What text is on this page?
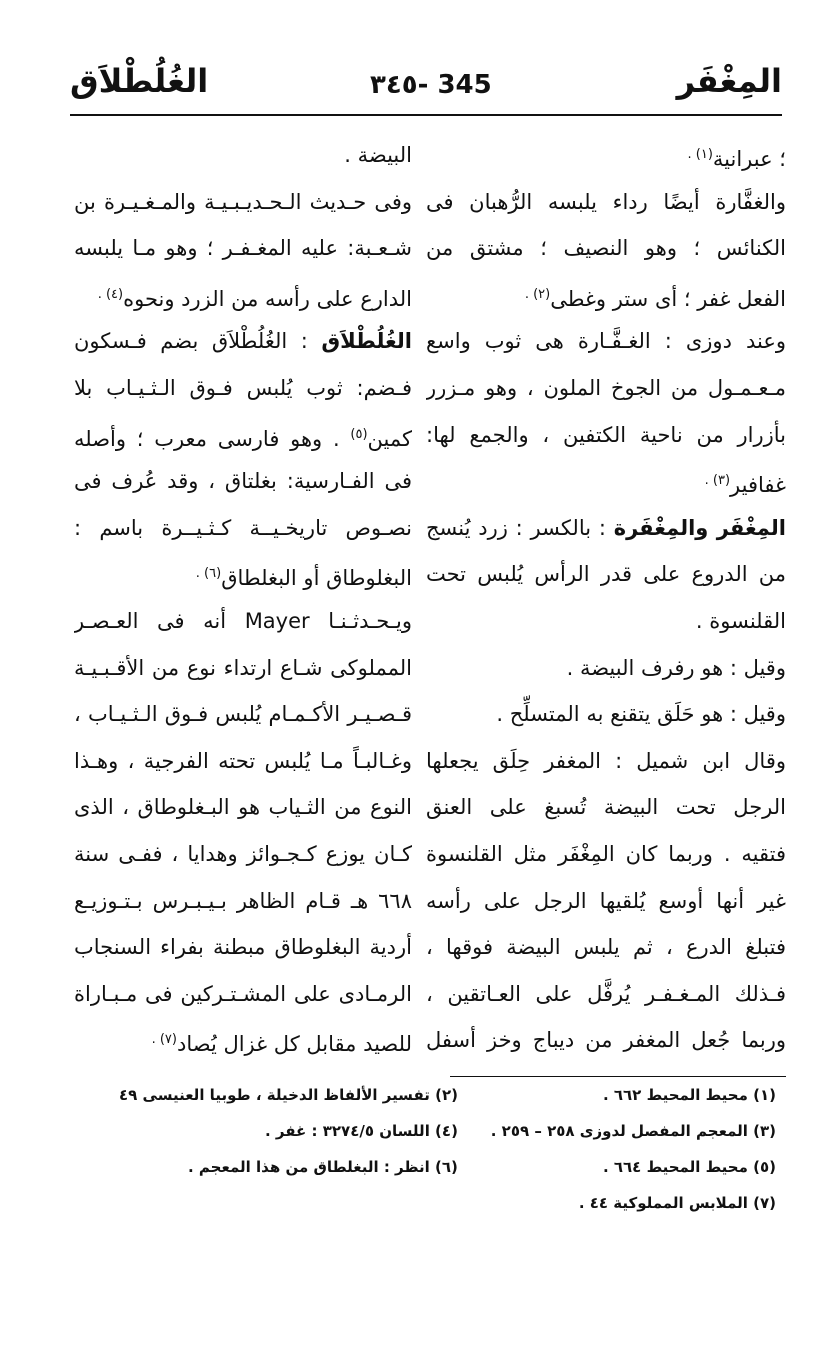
المِغْفَر
345 -٣٤٥
الغُلُطْلاَق
؛ عبرانية$^{(١) .}$
والغفَّارة أيضًا رداء يلبسه الرُّهبان فى
الكنائس ؛ وهو النصيف ؛ مشتق من
الفعل غفر ؛ أى ستر وغطى$^{(٢) .}$
وعند دوزى : الغـفَّـارة هى ثوب واسع
مـعـمـول من الجوخ الملون ، وهو مـزرر
بأزرار من ناحية الكتفين ، والجمع لها:
غفافير$^{(٣) .}$
المِغْفَر والمِغْفَرة : بالكسر : زرد يُنسج
من الدروع على قدر الرأس يُلبس تحت
القلنسوة .
وقيل : هو رفرف البيضة .
وقيل : هو حَلَق يتقنع به المتسلِّح .
وقال ابن شميل : المغفر حِلَق يجعلها
الرجل تحت البيضة تُسبغ على العنق
فتقيه . وربما كان المِغْفَر مثل القلنسوة
غير أنها أوسع يُلقيها الرجل على رأسه
فتبلغ الدرع ، ثم يلبس البيضة فوقها ،
فـذلك المـغـفـر يُرفَّل على العـاتقين ،
وربما جُعل المغفر من ديباج وخز أسفل
البيضة .
وفى حـديث الـحـديـبـيـة والمـغـيـرة بن
شـعـبة: عليه المغـفـر ؛ وهو مـا يلبسه
الدارع على رأسه من الزرد ونحوه$^{(٤) .}$
الغُلُطْلاَق : الغُلُطْلاَق بضم فـسكون
فـضم: ثوب يُلبس فـوق الـثـيـاب بلا
كمين$^{(٥)}$ . وهو فارسى معرب ؛ وأصله
فى الفـارسية: بغلتاق ، وقد عُرف فى
نصـوص تاريخـيــة كـثـيــرة باسم :
البغلوطاق أو البغلطاق$^{(٦) .}$
ويـحـدثـنـا Mayer أنه فى العـصـر
المملوكى شـاع ارتداء نوع من الأقـبـيـة
قـصـيـر الأكـمـام يُلبس فـوق الـثـيـاب ،
وغـالبـاً مـا يُلبس تحته الفرجية ، وهـذا
النوع من الثـياب هو البـغلوطاق ، الذى
كـان يوزع كـجـوائز وهدايا ، ففـى سنة
٦٦٨ هـ قـام الظاهر بـيـبـرس بـتـوزيـع
أردية البغلوطاق مبطنة بفراء السنجاب
الرمـادى على المشـتـركين فى مـبـاراة
للصيد مقابل كل غزال يُصاد$^{(٧) .}$
(١) محيط المحيط ٦٦٢ .
(٢) تفسير الألفاظ الدخيلة ، طوبيا العنيسى ٤٩
(٣) المعجم المفصل لدوزى ٢٥٨ – ٢٥٩ .
(٤) اللسان ٣٢٧٤/٥ : غفر .
(٥) محيط المحيط ٦٦٤ .
(٦) انظر : البغلطاق من هذا المعجم .
(٧) الملابس المملوكية ٤٤ .
